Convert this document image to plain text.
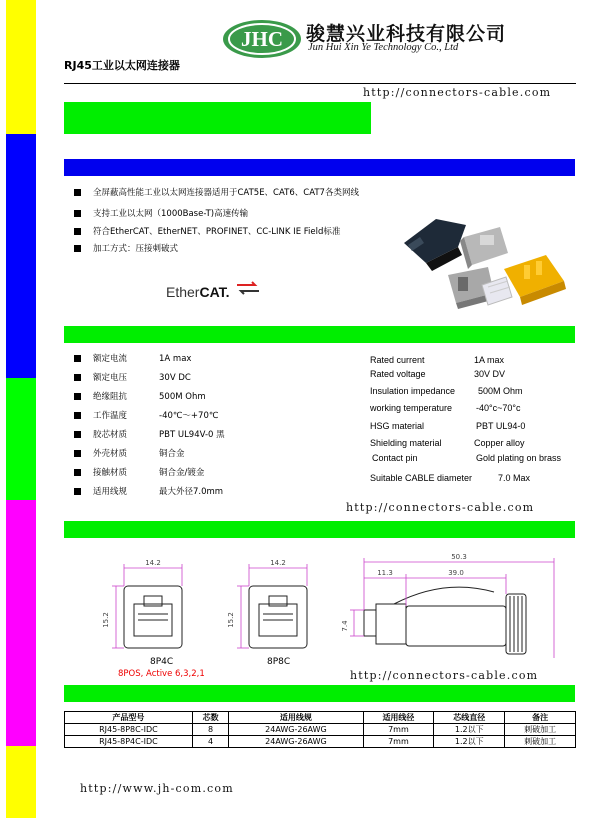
JHC 骏慧兴业科技有限公司
Jun Hui Xin Ye Technology Co., Ltd
RJ45工业以太网连接器
http://connectors-cable.com
全屏蔽高性能工业以太网连接器适用于CAT5E、CAT6、CAT7各类网线
支持工业以太网（1000Base-T)高速传输
符合EtherCAT、EtherNET、PROFINET、CC-LINK IE Field标准
加工方式：压接刺破式
EtherCAT.
额定电流	1A max
额定电压	30V DC
绝缘阻抗	500M Ohm
工作温度	-40℃〜+70℃
胶芯材质	PBT UL94V-0 黑
外壳材质	铜合金
接触材质	铜合金/镀金
适用线规	最大外径7.0mm
Rated current	1A max
Rated voltage	30V DV
Insulation impedance	500M Ohm
working temperature	-40°c~70°c
HSG material	PBT UL94-0
Shielding material	Copper alloy
Contact pin	Gold plating on brass
Suitable CABLE diameter	7.0 Max
http://connectors-cable.com
14.2	14.2
15.2	15.2
50.3
11.3	39.0
7.4
8P4C	8P8C
8POS, Active 6,3,2,1	http://connectors-cable.com
产品型号	芯数	适用线规	适用线径	芯线直径	备注
RJ45-8P8C-IDC	8	24AWG-26AWG	7mm	1.2以下	刺破加工
RJ45-8P4C-IDC	4	24AWG-26AWG	7mm	1.2以下	刺破加工
http://www.jh-com.com
